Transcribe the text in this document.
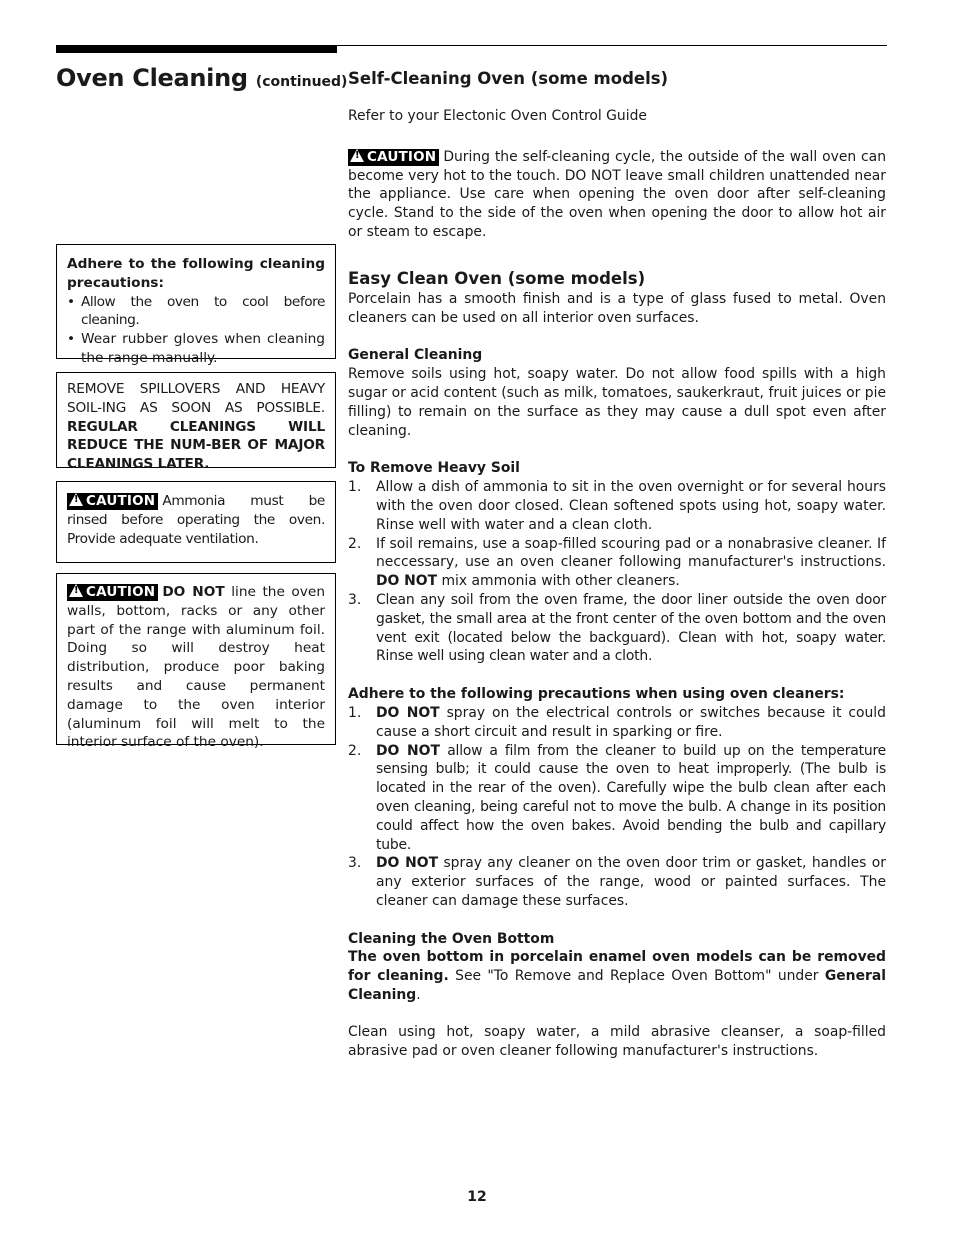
Oven Cleaning (continued)

Adhere to the following cleaning precautions:

• Allow the oven to cool before cleaning.
• Wear rubber gloves when cleaning the range manually.

REMOVE SPILLOVERS AND HEAVY SOIL-ING AS SOON AS POSSIBLE. REGULAR CLEANINGS WILL REDUCE THE NUM-BER OF MAJOR CLEANINGS LATER.

!CAUTION Ammonia must be rinsed before operating the oven. Provide adequate ventilation.

!CAUTION DO NOT line the oven walls, bottom, racks or any other part of the range with aluminum foil. Doing so will destroy heat distribution, produce poor baking results and cause permanent damage to the oven interior (aluminum foil will melt to the interior surface of the oven).

Self-Cleaning Oven (some models)

Refer to your Electonic Oven Control Guide

!CAUTION During the self-cleaning cycle, the outside of the wall oven can become very hot to the touch. DO NOT leave small children unattended near the appliance. Use care when opening the oven door after self-cleaning cycle. Stand to the side of the oven when opening the door to allow hot air or steam to escape.

Easy Clean Oven (some models)

Porcelain has a smooth finish and is a type of glass fused to metal. Oven cleaners can be used on all interior oven surfaces.

General Cleaning

Remove soils using hot, soapy water. Do not allow food spills with a high sugar or acid content (such as milk, tomatoes, saukerkraut, fruit juices or pie filling) to remain on the surface as they may cause a dull spot even after cleaning.

To Remove Heavy Soil

1. Allow a dish of ammonia to sit in the oven overnight or for several hours with the oven door closed. Clean softened spots using hot, soapy water. Rinse well with water and a clean cloth.
2. If soil remains, use a soap-filled scouring pad or a nonabrasive cleaner. If neccessary, use an oven cleaner following manufacturer's instructions. DO NOT mix ammonia with other cleaners.
3. Clean any soil from the oven frame, the door liner outside the oven door gasket, the small area at the front center of the oven bottom and the oven vent exit (located below the backguard). Clean with hot, soapy water. Rinse well using clean water and a cloth.

Adhere to the following precautions when using oven cleaners:

1. DO NOT spray on the electrical controls or switches because it could cause a short circuit and result in sparking or fire.
2. DO NOT allow a film from the cleaner to build up on the temperature sensing bulb; it could cause the oven to heat improperly. (The bulb is located in the rear of the oven). Carefully wipe the bulb clean after each oven cleaning, being careful not to move the bulb. A change in its position could affect how the oven bakes. Avoid bending the bulb and capillary tube.
3. DO NOT spray any cleaner on the oven door trim or gasket, handles or any exterior surfaces of the range, wood or painted surfaces. The cleaner can damage these surfaces.

Cleaning the Oven Bottom

The oven bottom in porcelain enamel oven models can be removed for cleaning. See "To Remove and Replace Oven Bottom" under General Cleaning.

Clean using hot, soapy water, a mild abrasive cleanser, a soap-filled abrasive pad or oven cleaner following manufacturer's instructions.

12
